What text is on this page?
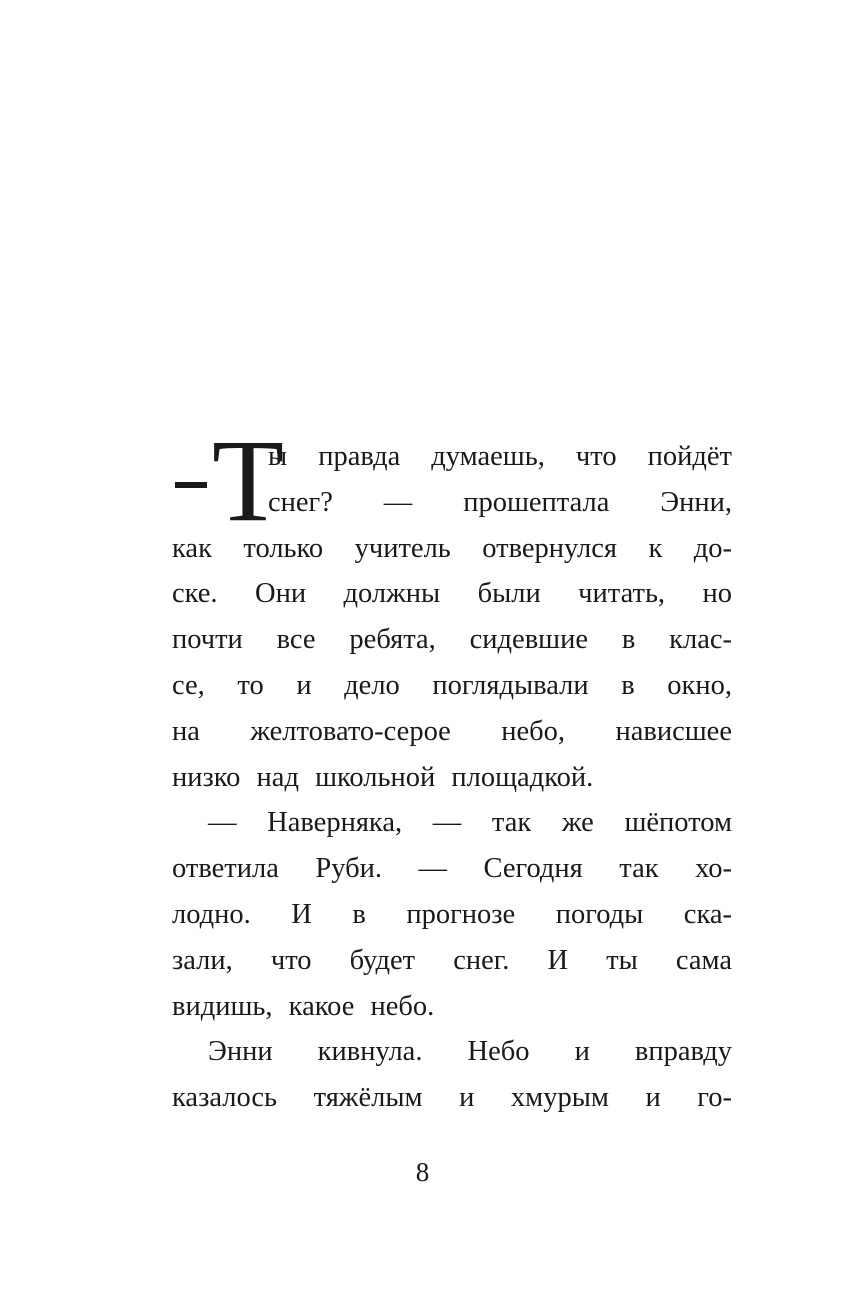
Т
ы правда думаешь, что пойдёт
снег? — прошептала Энни,
как только учитель отвернулся к до-
ске. Они должны были читать, но
почти все ребята, сидевшие в клас-
се, то и дело поглядывали в окно,
на желтовато-серое небо, нависшее
низко над школьной площадкой.
— Наверняка, — так же шёпотом
ответила Руби. — Сегодня так хо-
лодно. И в прогнозе погоды ска-
зали, что будет снег. И ты сама
видишь, какое небо.
Энни кивнула. Небо и вправду
казалось тяжёлым и хмурым и го-
8
